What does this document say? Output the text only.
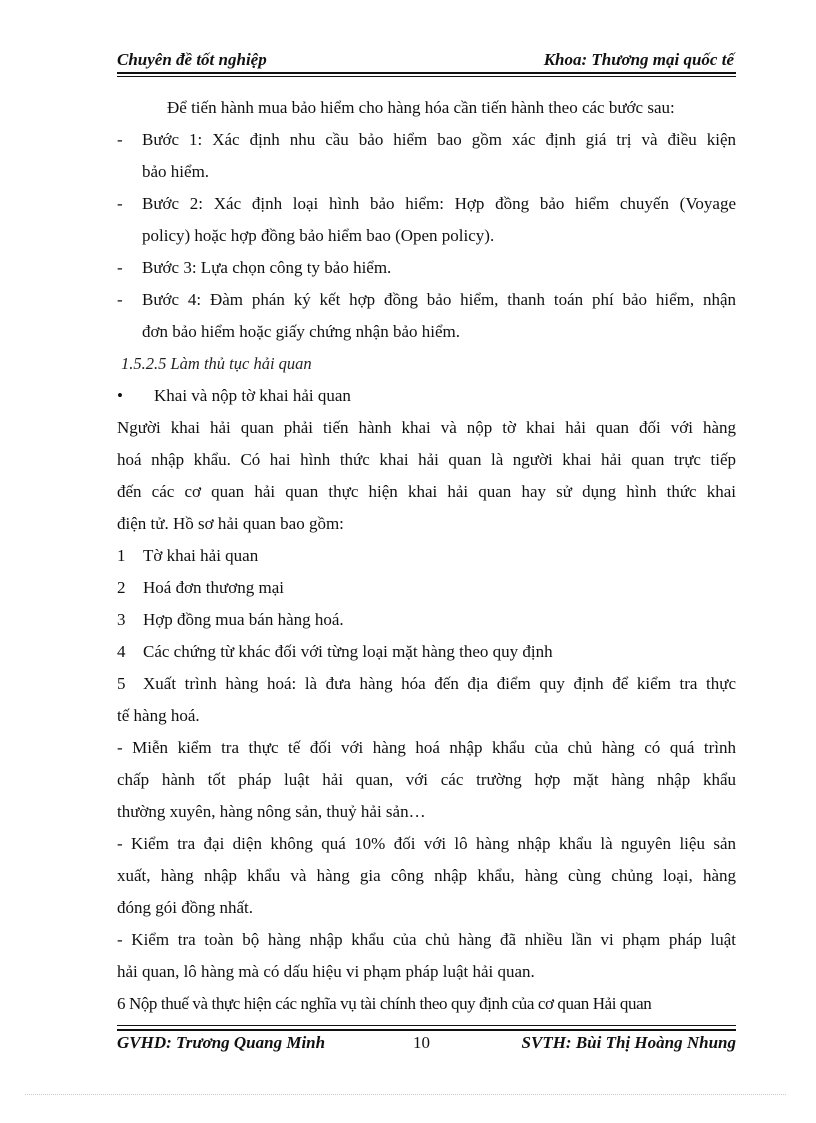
Chuyên đề tốt nghiệp	Khoa: Thương mại quốc tế
Để tiến hành mua bảo hiểm cho hàng hóa cần tiến hành theo các bước sau:
- Bước 1: Xác định nhu cầu bảo hiểm bao gồm xác định giá trị và điều kiện
bảo hiểm.
- Bước 2: Xác định loại hình bảo hiểm: Hợp đồng bảo hiểm chuyến (Voyage
policy) hoặc hợp đồng bảo hiểm bao (Open policy).
- Bước 3: Lựa chọn công ty bảo hiểm.
- Bước 4: Đàm phán ký kết hợp đồng bảo hiểm, thanh toán phí bảo hiểm, nhận
đơn bảo hiểm hoặc giấy chứng nhận bảo hiểm.
1.5.2.5 Làm thủ tục hải quan
• Khai và nộp tờ khai hải quan
Người khai hải quan phải tiến hành khai và nộp tờ khai hải quan đối với hàng
hoá nhập khẩu. Có hai hình thức khai hải quan là người khai hải quan trực tiếp
đến các cơ quan hải quan thực hiện khai hải quan hay sử dụng hình thức khai
điện tử. Hồ sơ hải quan bao gồm:
1 Tờ khai hải quan
2 Hoá đơn thương mại
3 Hợp đồng mua bán hàng hoá.
4 Các chứng từ khác đối với từng loại mặt hàng theo quy định
5 Xuất trình hàng hoá: là đưa hàng hóa đến địa điểm quy định để kiểm tra thực
tế hàng hoá.
- Miễn kiểm tra thực tế đối với hàng hoá nhập khẩu của chủ hàng có quá trình
chấp hành tốt pháp luật hải quan, với các trường hợp mặt hàng nhập khẩu
thường xuyên, hàng nông sản, thuỷ hải sản…
- Kiểm tra đại diện không quá 10% đối với lô hàng nhập khẩu là nguyên liệu sản
xuất, hàng nhập khẩu và hàng gia công nhập khẩu, hàng cùng chủng loại, hàng
đóng gói đồng nhất.
- Kiểm tra toàn bộ hàng nhập khẩu của chủ hàng đã nhiều lần vi phạm pháp luật
hải quan, lô hàng mà có dấu hiệu vi phạm pháp luật hải quan.
6 Nộp thuế và thực hiện các nghĩa vụ tài chính theo quy định của cơ quan Hải quan
GVHD: Trương Quang Minh	10	SVTH: Bùi Thị Hoàng Nhung
